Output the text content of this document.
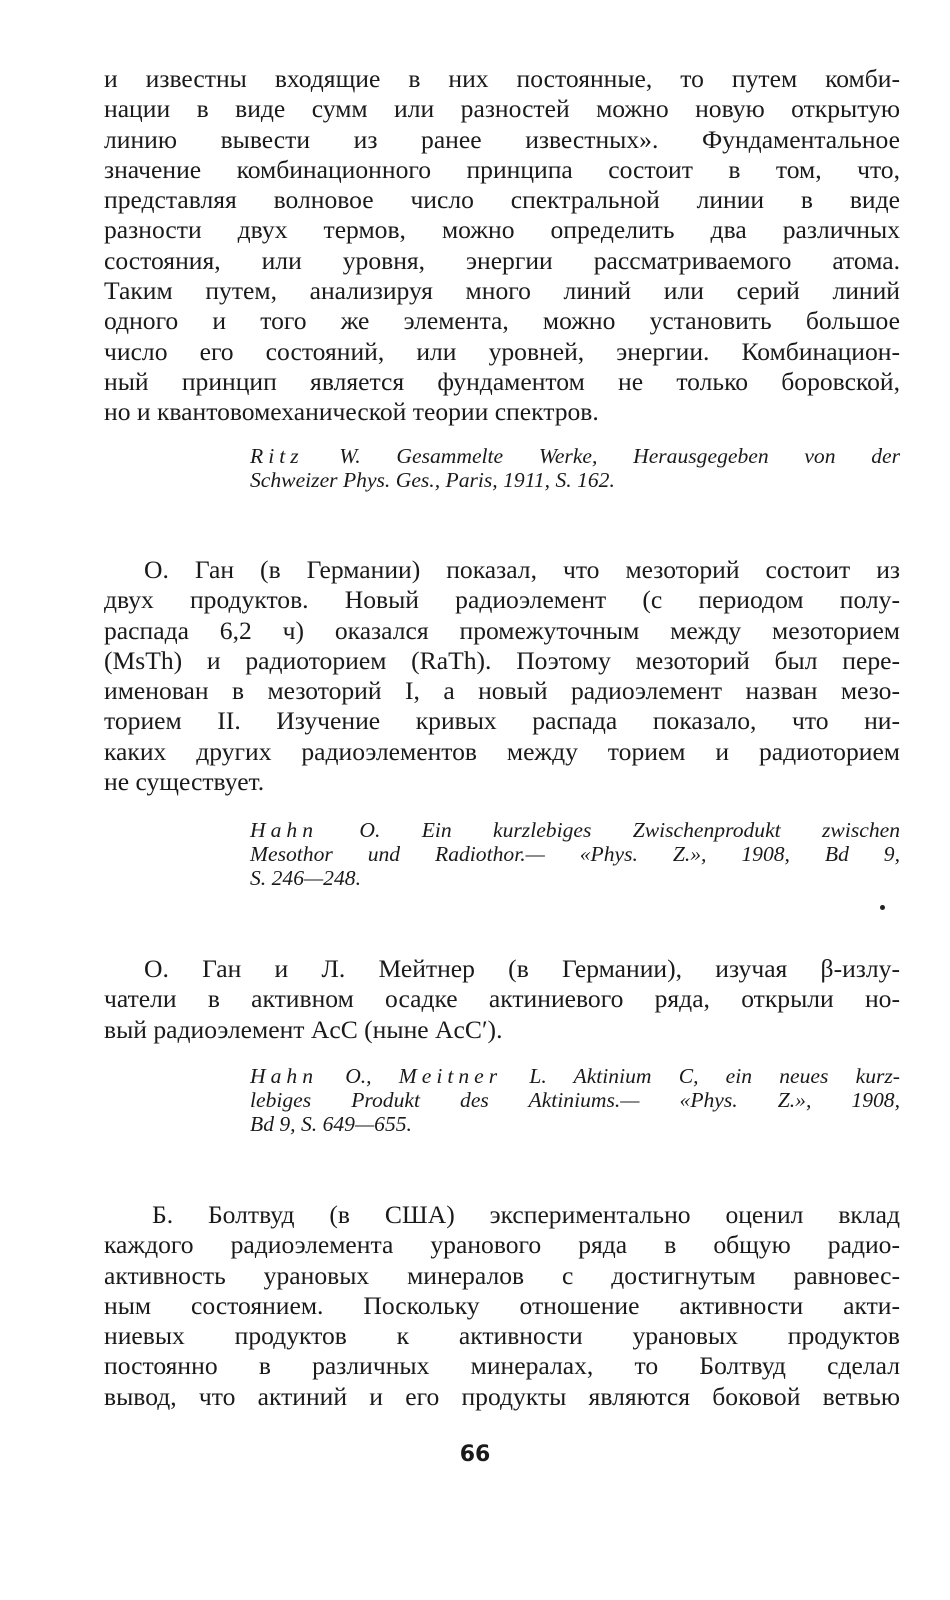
и известны входящие в них постоянные, то путем комби-
нации в виде сумм или разностей можно новую открытую
линию вывести из ранее известных». Фундаментальное
значение комбинационного принципа состоит в том, что,
представляя волновое число спектральной линии в виде
разности двух термов, можно определить два различных
состояния, или уровня, энергии рассматриваемого атома.
Таким путем, анализируя много линий или серий линий
одного и того же элемента, можно установить большое
число его состояний, или уровней, энергии. Комбинацион-
ный принцип является фундаментом не только боровской,
но и квантовомеханической теории спектров.

Ritz W. Gesammelte Werke, Herausgegeben von der
Schweizer Phys. Ges., Paris, 1911, S. 162.

О. Ган (в Германии) показал, что мезоторий состоит из
двух продуктов. Новый радиоэлемент (с периодом полу-
распада 6,2 ч) оказался промежуточным между мезоторием
(MsTh) и радиоторием (RaTh). Поэтому мезоторий был пере-
именован в мезоторий I, а новый радиоэлемент назван мезо-
торием II. Изучение кривых распада показало, что ни-
каких других радиоэлементов между торием и радиоторием
не существует.

Hahn O. Ein kurzlebiges Zwischenprodukt zwischen
Mesothor und Radiothor.— «Phys. Z.», 1908, Bd 9,
S. 246—248.

О. Ган и Л. Мейтнер (в Германии), изучая β-излу-
чатели в активном осадке актиниевого ряда, открыли но-
вый радиоэлемент AcC (ныне AcC′).

Hahn O., Meitner L. Aktinium C, ein neues kurz-
lebiges Produkt des Aktiniums.— «Phys. Z.», 1908,
Bd 9, S. 649—655.

Б. Болтвуд (в США) экспериментально оценил вклад
каждого радиоэлемента уранового ряда в общую радио-
активность урановых минералов с достигнутым равновес-
ным состоянием. Поскольку отношение активности акти-
ниевых продуктов к активности урановых продуктов
постоянно в различных минералах, то Болтвуд сделал
вывод, что актиний и его продукты являются боковой ветвью

66
